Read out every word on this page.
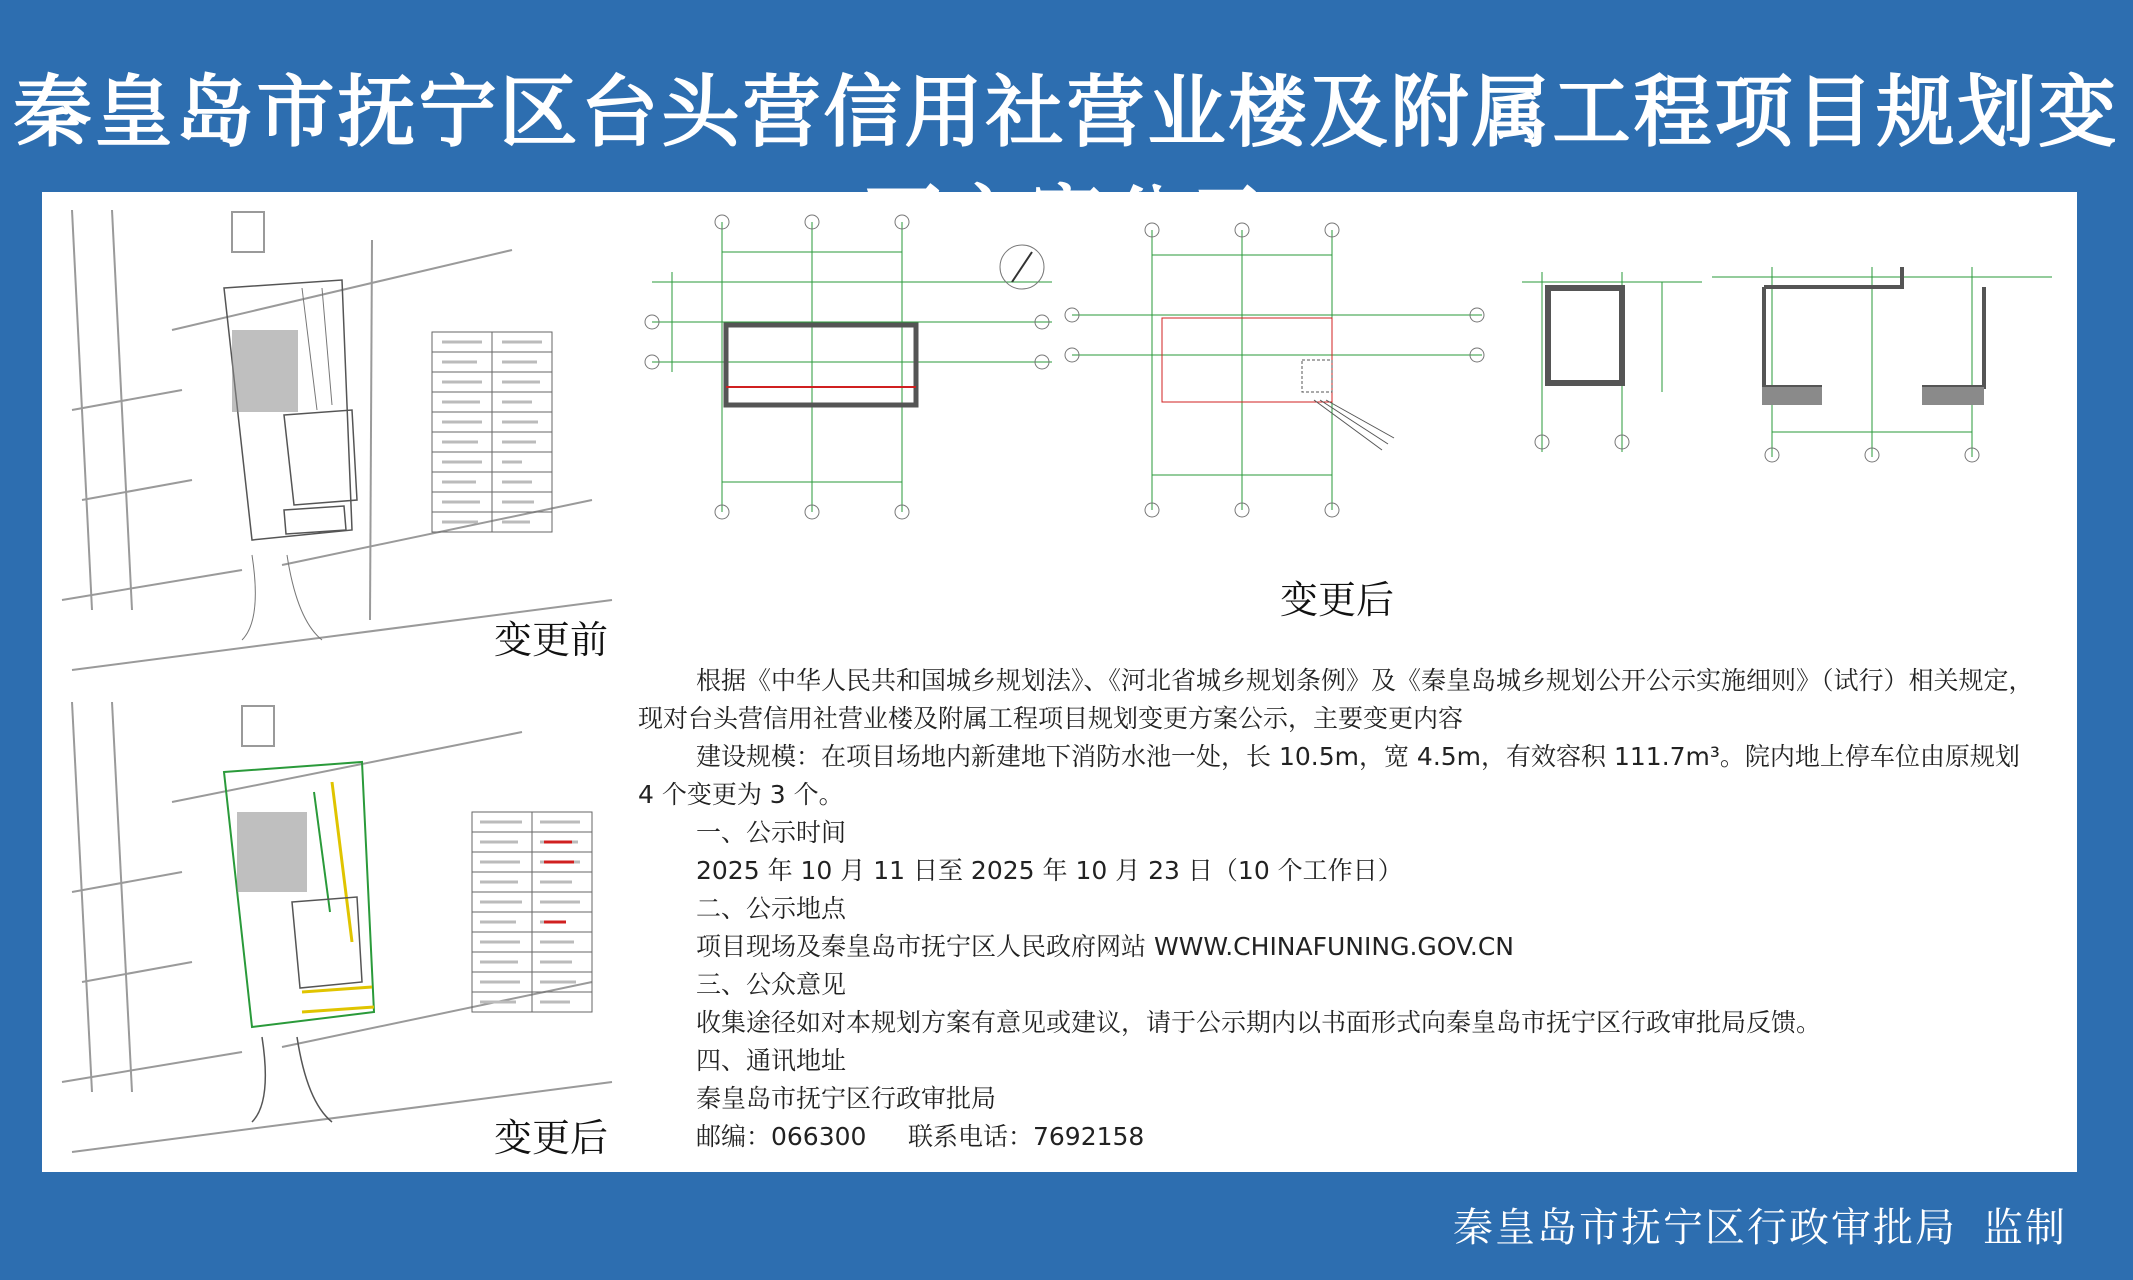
秦皇岛市抚宁区台头营信用社营业楼及附属工程项目规划变
变更后
变更前
变更后

根据《中华人民共和国城乡规划法》、《河北省城乡规划条例》及《秦皇岛城乡规划公开公示实施细则》（试行）相关规定，现对台头营信用社营业楼及附属工程项目规划变更方案公示，主要变更内容

建设规模：在项目场地内新建地下消防水池一处，长 10.5m，宽 4.5m，有效容积 111.7m³。院内地上停车位由原规划 4 个变更为 3 个。

一、公示时间

2025 年 10 月 11 日至 2025 年 10 月 23 日（10 个工作日）

二、公示地点

项目现场及秦皇岛市抚宁区人民政府网站 WWW.CHINAFUNING.GOV.CN

三、公众意见

收集途径如对本规划方案有意见或建议，请于公示期内以书面形式向秦皇岛市抚宁区行政审批局反馈。

四、通讯地址

秦皇岛市抚宁区行政审批局

邮编：066300 联系电话：7692158

秦皇岛市抚宁区行政审批局 监制
